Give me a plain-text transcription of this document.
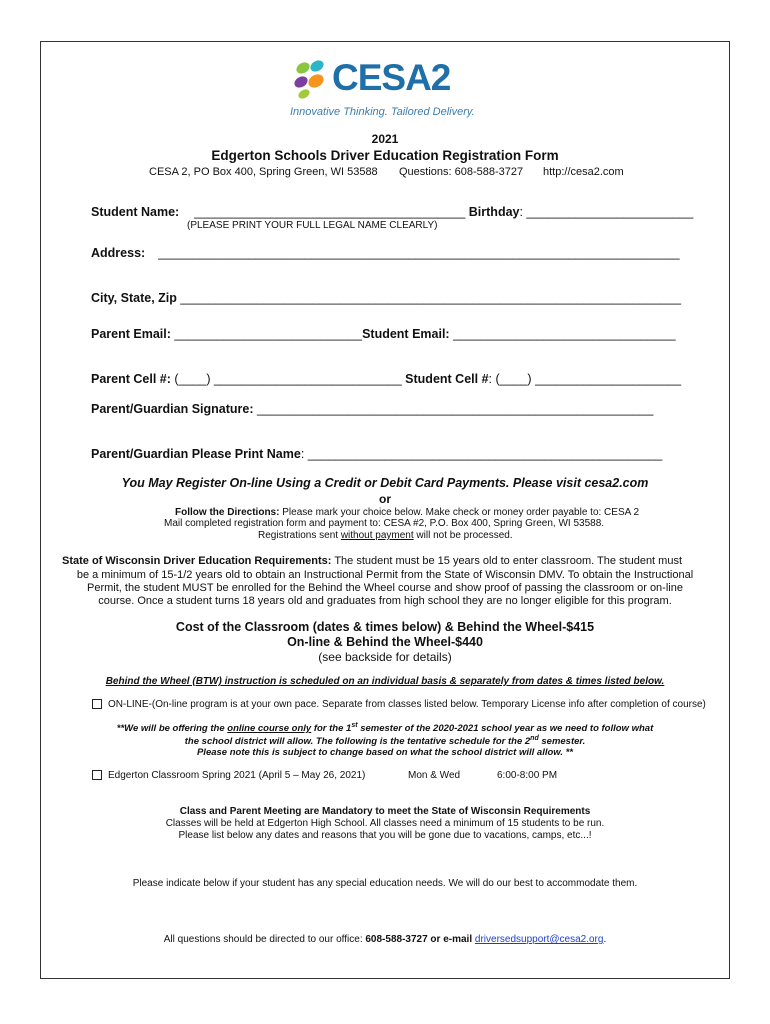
CESA2
Innovative Thinking. Tailored Delivery.
2021
Edgerton Schools Driver Education Registration Form
CESA 2, PO Box 400, Spring Green, WI 53588 Questions: 608-588-3727 http://cesa2.com
Student Name: _______________________________________ Birthday: ________________________
(PLEASE PRINT YOUR FULL LEGAL NAME CLEARLY)
Address: ___________________________________________________________________________
City, State, Zip ________________________________________________________________________
Parent Email: ___________________________Student Email: ________________________________
Parent Cell #: (____) ___________________________ Student Cell #: (____) _____________________
Parent/Guardian Signature: _________________________________________________________
Parent/Guardian Please Print Name: ___________________________________________________
You May Register On-line Using a Credit or Debit Card Payments. Please visit cesa2.com
or
Follow the Directions: Please mark your choice below. Make check or money order payable to: CESA 2
Mail completed registration form and payment to: CESA #2, P.O. Box 400, Spring Green, WI 53588.
Registrations sent without payment will not be processed.
State of Wisconsin Driver Education Requirements: The student must be 15 years old to enter classroom. The student must
be a minimum of 15-1/2 years old to obtain an Instructional Permit from the State of Wisconsin DMV. To obtain the Instructional
Permit, the student MUST be enrolled for the Behind the Wheel course and show proof of passing the classroom or on-line
course. Once a student turns 18 years old and graduates from high school they are no longer eligible for this program.
Cost of the Classroom (dates & times below) & Behind the Wheel-$415
On-line & Behind the Wheel-$440
(see backside for details)
Behind the Wheel (BTW) instruction is scheduled on an individual basis & separately from dates & times listed below.
ON-LINE-(On-line program is at your own pace. Separate from classes listed below. Temporary License info after completion of course)
**We will be offering the online course only for the 1st semester of the 2020-2021 school year as we need to follow what
the school district will allow. The following is the tentative schedule for the 2nd semester.
Please note this is subject to change based on what the school district will allow. **
Edgerton Classroom Spring 2021 (April 5 – May 26, 2021)	Mon & Wed	6:00-8:00 PM
Class and Parent Meeting are Mandatory to meet the State of Wisconsin Requirements
Classes will be held at Edgerton High School. All classes need a minimum of 15 students to be run.
Please list below any dates and reasons that you will be gone due to vacations, camps, etc...!
Please indicate below if your student has any special education needs. We will do our best to accommodate them.
All questions should be directed to our office: 608-588-3727 or e-mail driversedsupport@cesa2.org.
